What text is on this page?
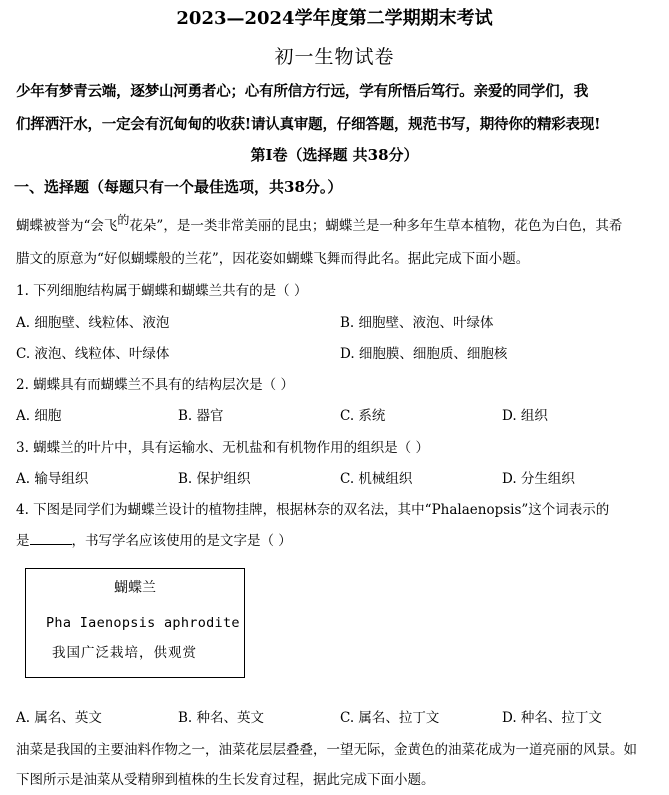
2023—2024学年度第二学期期末考试
初一生物试卷
少年有梦青云端，逐梦山河勇者心；心有所信方行远，学有所悟后笃行。亲爱的同学们，我
们挥洒汗水，一定会有沉甸甸的收获!请认真审题，仔细答题，规范书写，期待你的精彩表现!
第Ⅰ卷（选择题 共38分）
一、选择题（每题只有一个最佳选项，共38分。）
蝴蝶被誉为“会飞的花朵”，是一类非常美丽的昆虫；蝴蝶兰是一种多年生草本植物，花色为白色，其希
腊文的原意为“好似蝴蝶般的兰花”，因花姿如蝴蝶飞舞而得此名。据此完成下面小题。
1. 下列细胞结构属于蝴蝶和蝴蝶兰共有的是（ ）
A. 细胞壁、线粒体、液泡	B. 细胞壁、液泡、叶绿体
C. 液泡、线粒体、叶绿体	D. 细胞膜、细胞质、细胞核
2. 蝴蝶具有而蝴蝶兰不具有的结构层次是（ ）
A. 细胞	B. 器官	C. 系统	D. 组织
3. 蝴蝶兰的叶片中，具有运输水、无机盐和有机物作用的组织是（ ）
A. 输导组织	B. 保护组织	C. 机械组织	D. 分生组织
4. 下图是同学们为蝴蝶兰设计的植物挂牌，根据林奈的双名法，其中“Phalaenopsis”这个词表示的
是	，书写学名应该使用的是文字是（ ）
蝴蝶兰
Pha Iaenopsis aphrodite
我国广泛栽培，供观赏
A. 属名、英文	B. 种名、英文	C. 属名、拉丁文	D. 种名、拉丁文
油菜是我国的主要油料作物之一，油菜花层层叠叠，一望无际，金黄色的油菜花成为一道亮丽的风景。如
下图所示是油菜从受精卵到植株的生长发育过程，据此完成下面小题。
